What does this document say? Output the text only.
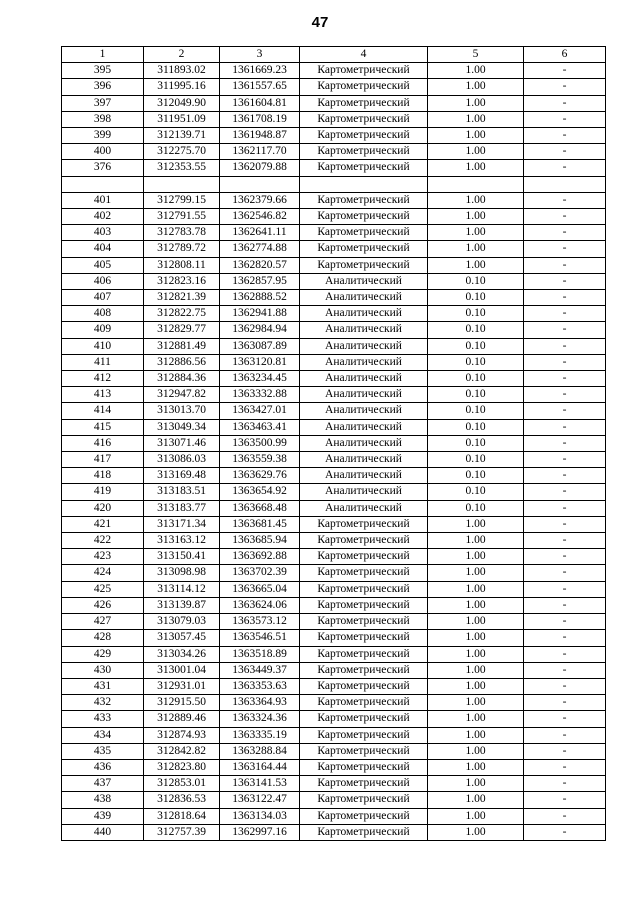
47
1	2	3	4	5	6
395	311893.02	1361669.23	Картометрический	1.00	-
396	311995.16	1361557.65	Картометрический	1.00	-
397	312049.90	1361604.81	Картометрический	1.00	-
398	311951.09	1361708.19	Картометрический	1.00	-
399	312139.71	1361948.87	Картометрический	1.00	-
400	312275.70	1362117.70	Картометрический	1.00	-
376	312353.55	1362079.88	Картометрический	1.00	-

401	312799.15	1362379.66	Картометрический	1.00	-
402	312791.55	1362546.82	Картометрический	1.00	-
403	312783.78	1362641.11	Картометрический	1.00	-
404	312789.72	1362774.88	Картометрический	1.00	-
405	312808.11	1362820.57	Картометрический	1.00	-
406	312823.16	1362857.95	Аналитический	0.10	-
407	312821.39	1362888.52	Аналитический	0.10	-
408	312822.75	1362941.88	Аналитический	0.10	-
409	312829.77	1362984.94	Аналитический	0.10	-
410	312881.49	1363087.89	Аналитический	0.10	-
411	312886.56	1363120.81	Аналитический	0.10	-
412	312884.36	1363234.45	Аналитический	0.10	-
413	312947.82	1363332.88	Аналитический	0.10	-
414	313013.70	1363427.01	Аналитический	0.10	-
415	313049.34	1363463.41	Аналитический	0.10	-
416	313071.46	1363500.99	Аналитический	0.10	-
417	313086.03	1363559.38	Аналитический	0.10	-
418	313169.48	1363629.76	Аналитический	0.10	-
419	313183.51	1363654.92	Аналитический	0.10	-
420	313183.77	1363668.48	Аналитический	0.10	-
421	313171.34	1363681.45	Картометрический	1.00	-
422	313163.12	1363685.94	Картометрический	1.00	-
423	313150.41	1363692.88	Картометрический	1.00	-
424	313098.98	1363702.39	Картометрический	1.00	-
425	313114.12	1363665.04	Картометрический	1.00	-
426	313139.87	1363624.06	Картометрический	1.00	-
427	313079.03	1363573.12	Картометрический	1.00	-
428	313057.45	1363546.51	Картометрический	1.00	-
429	313034.26	1363518.89	Картометрический	1.00	-
430	313001.04	1363449.37	Картометрический	1.00	-
431	312931.01	1363353.63	Картометрический	1.00	-
432	312915.50	1363364.93	Картометрический	1.00	-
433	312889.46	1363324.36	Картометрический	1.00	-
434	312874.93	1363335.19	Картометрический	1.00	-
435	312842.82	1363288.84	Картометрический	1.00	-
436	312823.80	1363164.44	Картометрический	1.00	-
437	312853.01	1363141.53	Картометрический	1.00	-
438	312836.53	1363122.47	Картометрический	1.00	-
439	312818.64	1363134.03	Картометрический	1.00	-
440	312757.39	1362997.16	Картометрический	1.00	-
